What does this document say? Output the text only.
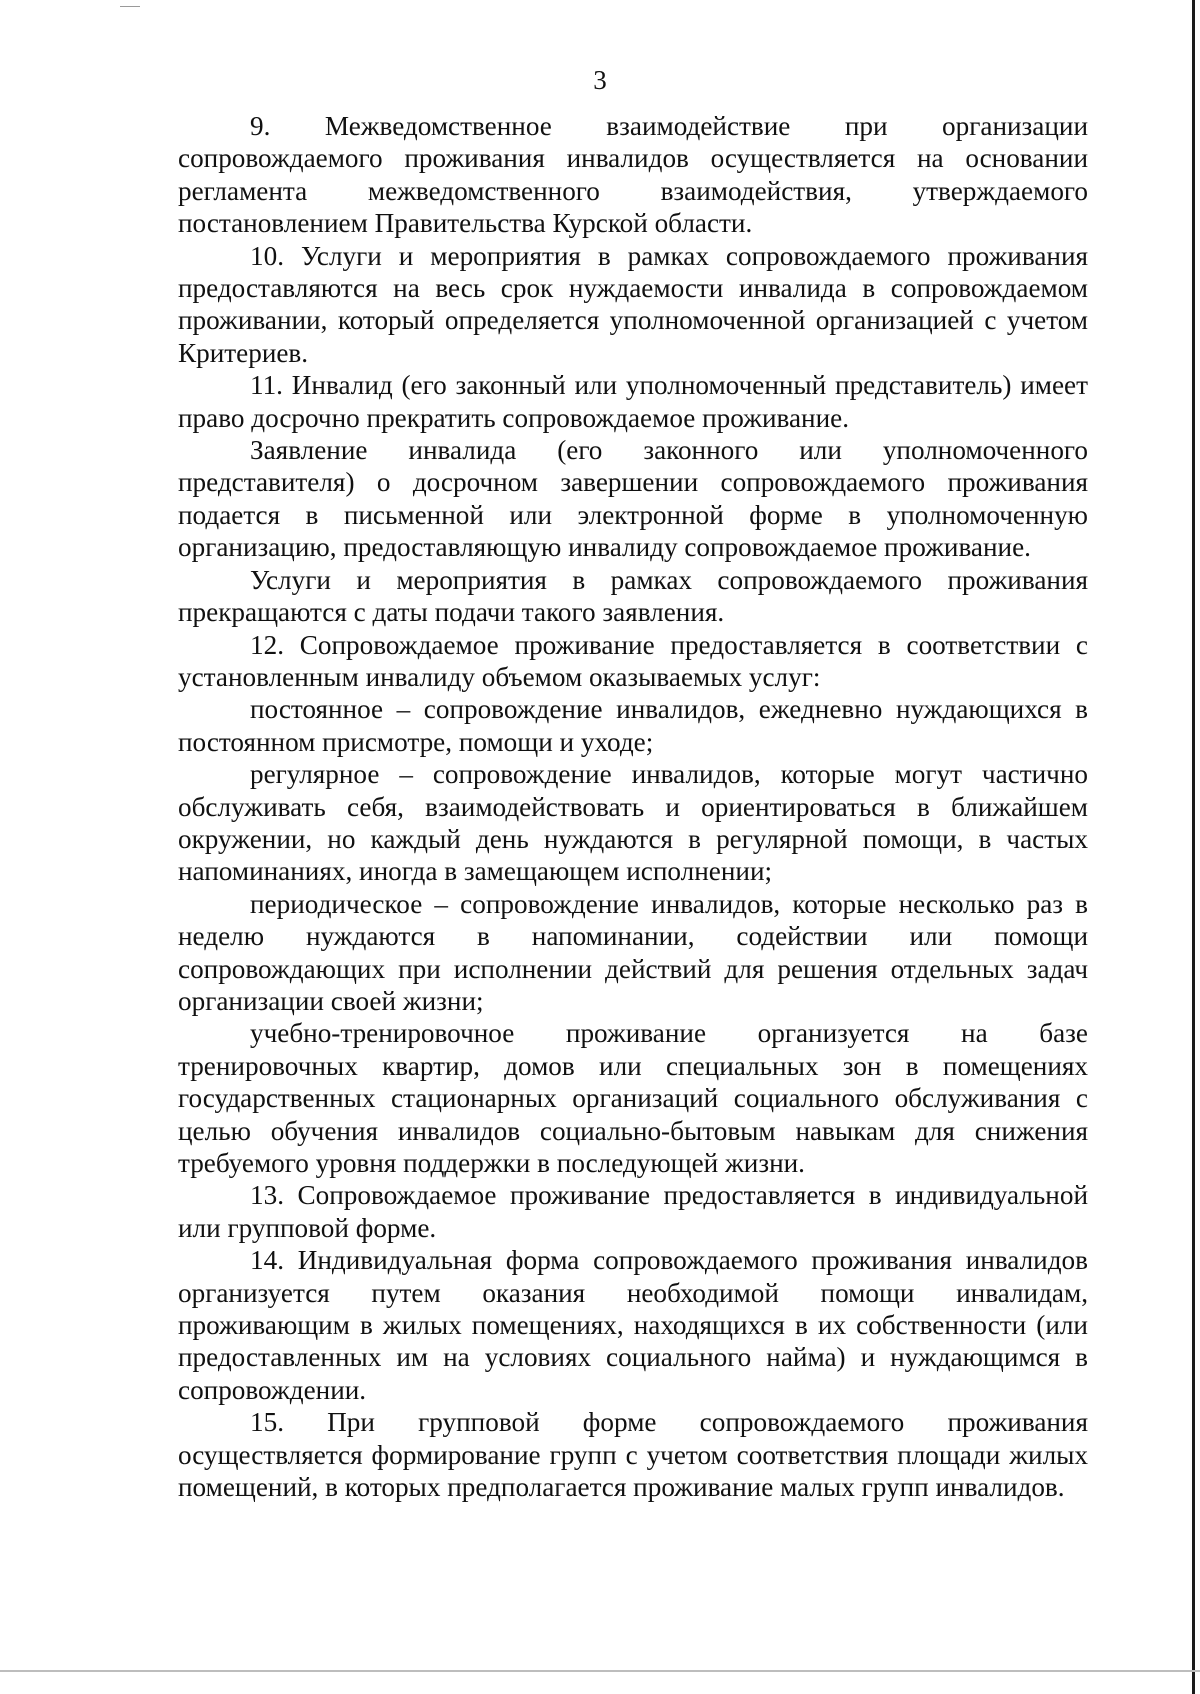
3

9. Межведомственное взаимодействие при организации сопровождаемого проживания инвалидов осуществляется на основании регламента межведомственного взаимодействия, утверждаемого постановлением Правительства Курской области.

10. Услуги и мероприятия в рамках сопровождаемого проживания предоставляются на весь срок нуждаемости инвалида в сопровождаемом проживании, который определяется уполномоченной организацией с учетом Критериев.

11. Инвалид (его законный или уполномоченный представитель) имеет право досрочно прекратить сопровождаемое проживание.

Заявление инвалида (его законного или уполномоченного представителя) о досрочном завершении сопровождаемого проживания подается в письменной или электронной форме в уполномоченную организацию, предоставляющую инвалиду сопровождаемое проживание.

Услуги и мероприятия в рамках сопровождаемого проживания прекращаются с даты подачи такого заявления.

12. Сопровождаемое проживание предоставляется в соответствии с установленным инвалиду объемом оказываемых услуг:

постоянное – сопровождение инвалидов, ежедневно нуждающихся в постоянном присмотре, помощи и уходе;

регулярное – сопровождение инвалидов, которые могут частично обслуживать себя, взаимодействовать и ориентироваться в ближайшем окружении, но каждый день нуждаются в регулярной помощи, в частых напоминаниях, иногда в замещающем исполнении;

периодическое – сопровождение инвалидов, которые несколько раз в неделю нуждаются в напоминании, содействии или помощи сопровождающих при исполнении действий для решения отдельных задач организации своей жизни;

учебно-тренировочное проживание организуется на базе тренировочных квартир, домов или специальных зон в помещениях государственных стационарных организаций социального обслуживания с целью обучения инвалидов социально-бытовым навыкам для снижения требуемого уровня поддержки в последующей жизни.

13. Сопровождаемое проживание предоставляется в индивидуальной или групповой форме.

14. Индивидуальная форма сопровождаемого проживания инвалидов организуется путем оказания необходимой помощи инвалидам, проживающим в жилых помещениях, находящихся в их собственности (или предоставленных им на условиях социального найма) и нуждающимся в сопровождении.

15. При групповой форме сопровождаемого проживания осуществляется формирование групп с учетом соответствия площади жилых помещений, в которых предполагается проживание малых групп инвалидов.
